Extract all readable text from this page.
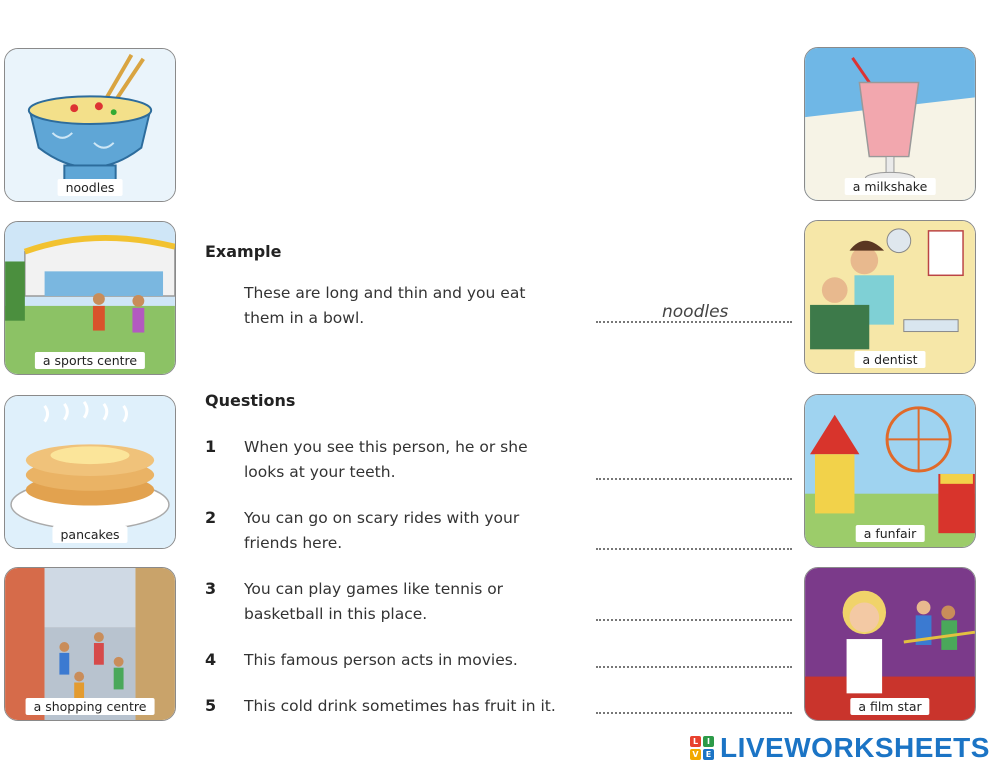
noodles
a sports centre
pancakes
a shopping centre
a milkshake
a dentist
a funfair
a film star
Example
These are long and thin and you eat
them in a bowl.	noodles
Questions
1 When you see this person, he or she
looks at your teeth.
2 You can go on scary rides with your
friends here.
3 You can play games like tennis or
basketball in this place.
4 This famous person acts in movies.
5 This cold drink sometimes has fruit in it.
L	I
V E LIVEWORKSHEETS
